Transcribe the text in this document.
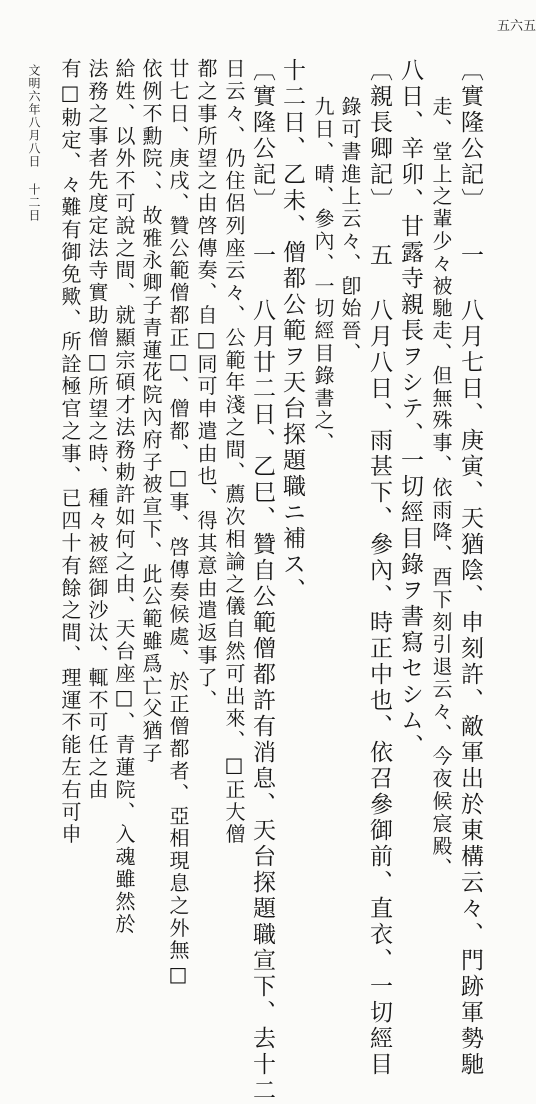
五六五
〔實隆公記〕 一 八月七日、庚寅、天猶陰、申刻許、敵軍出於東構云々、門跡軍勢馳
走、堂上之輩少々被馳走、但無殊事、依雨降、酉下刻引退云々、今夜候宸殿、
八日、辛卯、甘露寺親長ヲシテ、一切經目錄ヲ書寫セシム、
〔親長卿記〕 五 八月八日、雨甚下、參內、時正中也、依召參御前、直衣、一切經目
錄可書進上云々、卽始晉、
九日、晴、參內、一切經目錄書之、
十二日、乙未、僧都公範ヲ天台探題職ニ補ス、
〔實隆公記〕 一 八月廿二日、乙巳、贊自公範僧都許有消息、天台探題職宣下、去十二
日云々、仍住侶列座云々、公範年淺之間、薦次相論之儀自然可出來、□正大僧
都之事所望之由啓傳奏、自□同可申遣由也、得其意由遣返事了、
廿七日、庚戌、贊公範僧都正□、僧都、□事、啓傳奏候處、於正僧都者、亞相現息之外無□
依例不勳院、、故雅永卿子青蓮花院內府子被宣下、此公範雖爲亡父猶子
給姓、以外不可說之間、就顯宗碩才法務勅許如何之由、天台座□、青蓮院、入魂雖然於
法務之事者先度定法寺實助僧□所望之時、種々被經御沙汰、輒不可任之由
有□勅定、々難有御免歟、所詮極官之事、已四十有餘之間、理運不能左右可申
文明六年八月八日 十二日
